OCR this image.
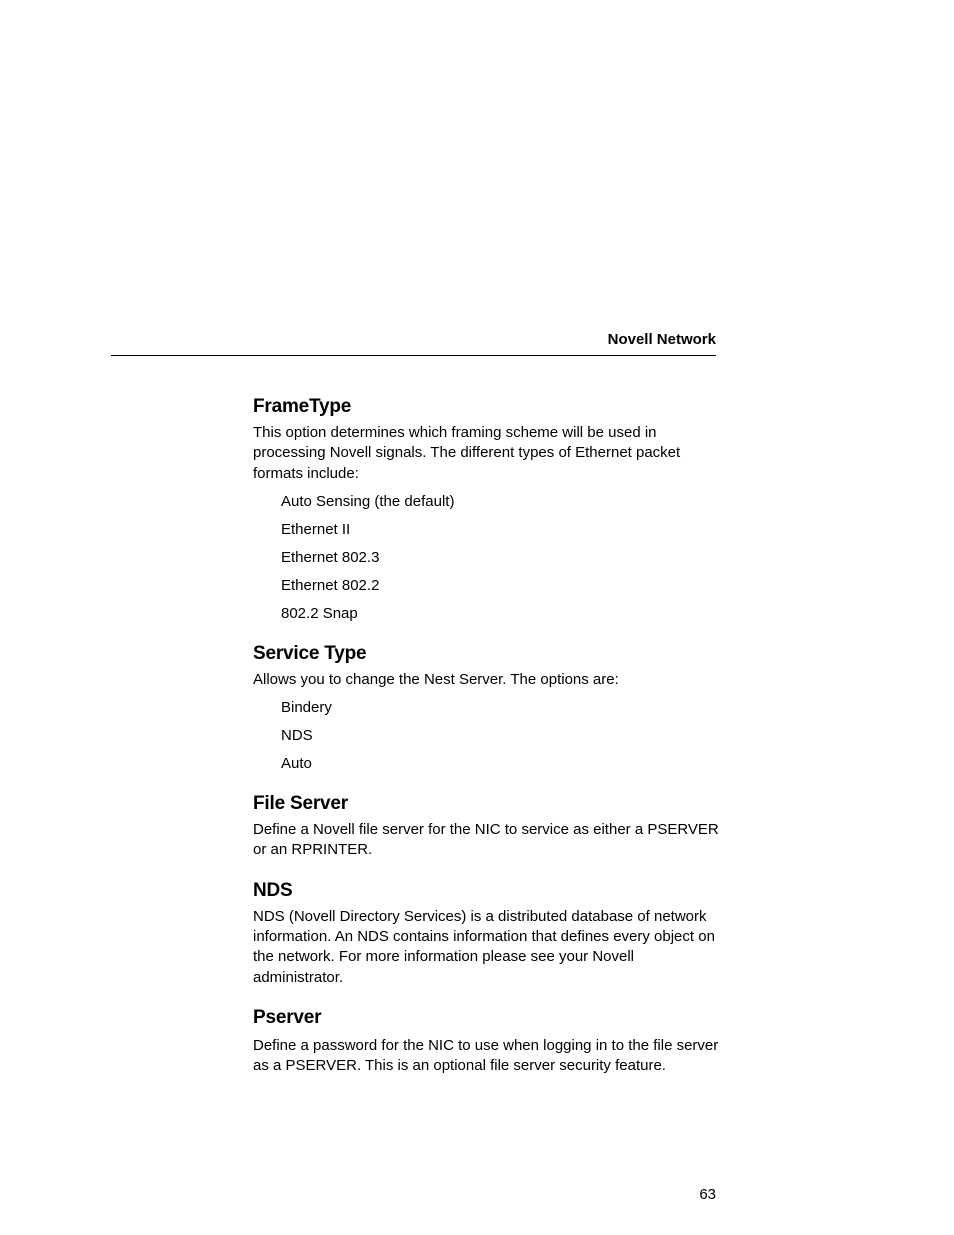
Novell Network
FrameType

This option determines which framing scheme will be used in processing Novell signals. The different types of Ethernet packet formats include:

Auto Sensing (the default)
Ethernet II
Ethernet 802.3
Ethernet 802.2
802.2 Snap
Service Type

Allows you to change the Nest Server. The options are:

Bindery
NDS
Auto
File Server

Define a Novell file server for the NIC to service as either a PSERVER or an RPRINTER.

NDS

NDS (Novell Directory Services) is a distributed database of network information. An NDS contains information that defines every object on the network. For more information please see your Novell administrator.

Pserver

Define a password for the NIC to use when logging in to the file server as a PSERVER. This is an optional file server security feature.

63
